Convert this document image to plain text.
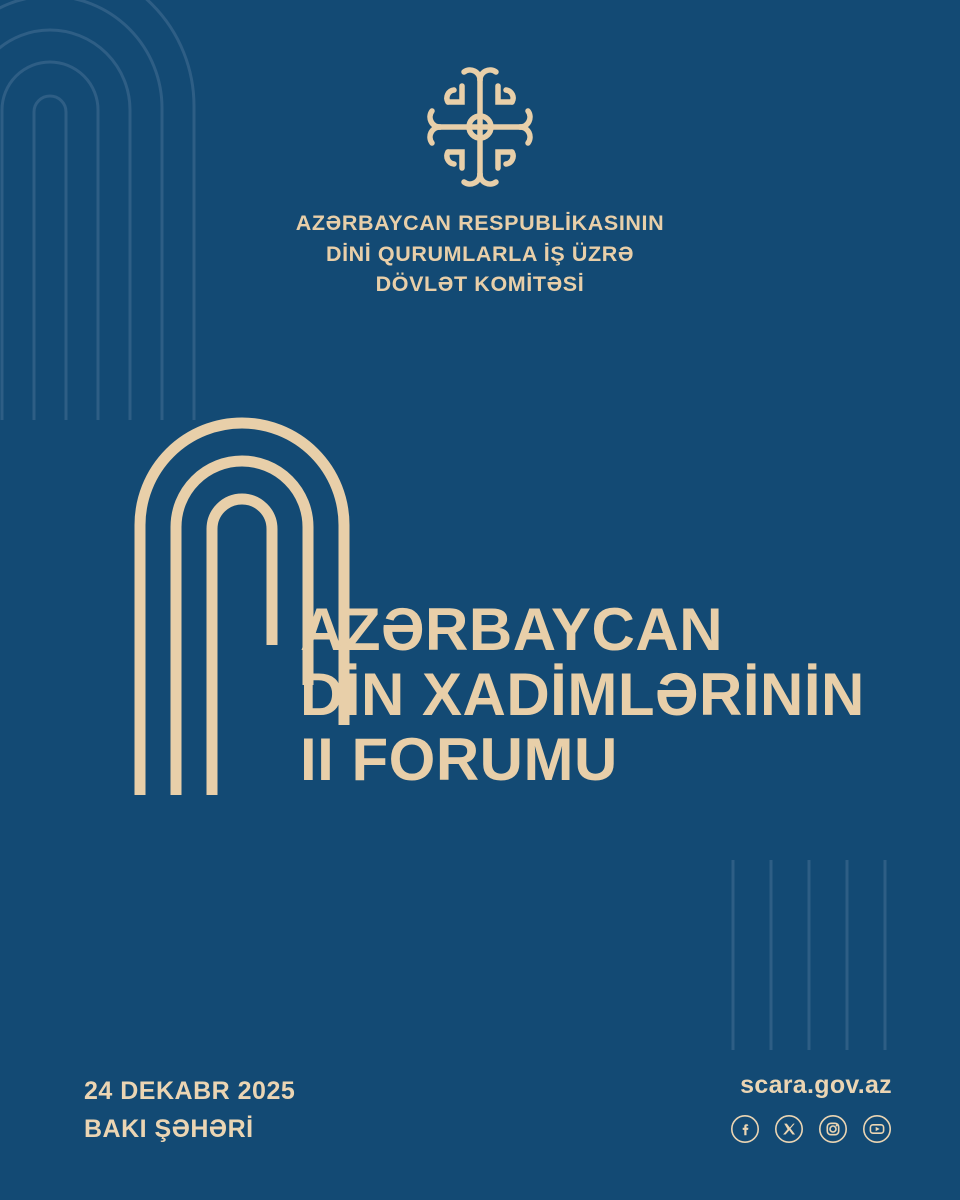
AZƏRBAYCAN RESPUBLİKASININ
DİNİ QURUMLARLA İŞ ÜZRƏ
DÖVLƏT KOMİTƏSİ
AZƏRBAYCAN
DİN XADİMLƏRİNİN
II FORUMU
24 DEKABR 2025
BAKI ŞƏHƏRİ
scara.gov.az
